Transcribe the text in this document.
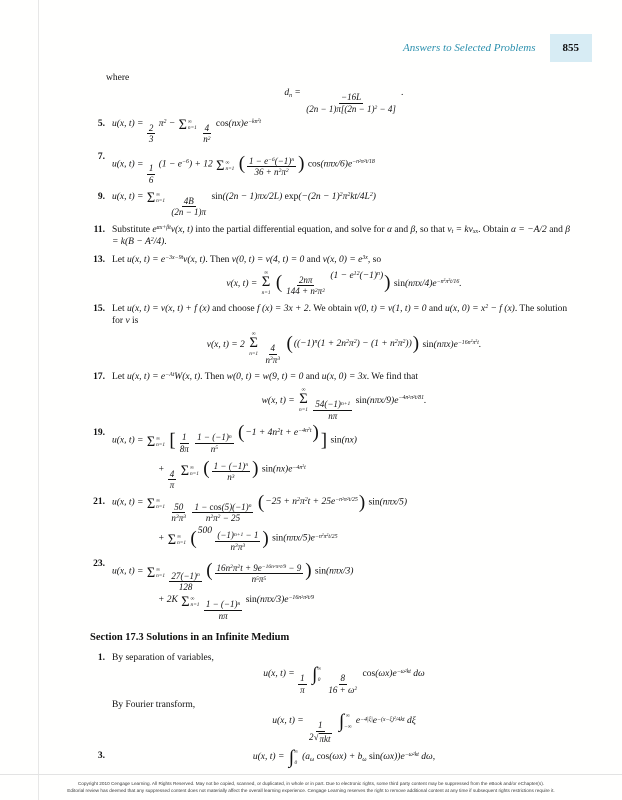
Answers to Selected Problems	855
where
$d_n = \frac{-16L}{(2n - 1)\pi[(2n - 1)^2 - 4]}$ .
5. u(x, $t) = \frac{2}{3} \pi^2 - \Sigma$ ∞
n=1
$\frac{4}{n^2} \cos(nx)e^{-kn^2t}$
7.
u(x, $t) = \frac{1}{6} (1 - e^{-6}) + 12$ Σ ∞
n=1
( $\frac{1 - e^{-6}(-1)^n}{36 + n^2\pi^2}$ ) $\cos(n\pi x/6)e^{-n^2\pi^2t/18}$
9. u(x, t) = Σ ∞
n=1
$\frac{4B}{(2n - 1)\pi} \sin((2n - 1)\pi x/2L) \exp(-(2n - 1)^2\pi^2kt/4L^2)$
11. Substitute $e^{\alpha x+\beta t}v(x$, t) into the partial differential equation, and solve for α and β, so that $v_t = kv_{xx}$. Obtain α = −A/2 and $\beta = k(B - A^2/4)$.
13. Let u(x, $t) = e^{-3x-9t}v(x$, t). Then v(0, t) = v(4, t) = 0 and v(x, $0) = e^{3x}$, so
v(x, t) =
∞
Σ
n=1
( $\frac{2n\pi}{144 + n^2\pi^2} (1 - e^{12}(-1)^n)$ ) $\sin(n\pi x/4)e^{-n^2\pi^2t/16}$.
15. Let u(x, t) = v(x, t) + f (x) and choose f (x) = 3x + 2. We obtain v(0, t) = v(1, t) = 0 and u(x, $0) = x^2 - f$ (x). The solution for v is
v(x, t) = 2
∞
Σ
n=1
$\frac{4}{n^3\pi^3}$
( $((-1)^n(1 + 2n^2\pi^2) - (1 + n^2\pi^2))$ ) $\sin(n\pi x)e^{-16n^2\pi^2t}$.
17. Let u(x, $t) = e^{-At}W(x$, t). Then w(0, t) = w(9, t) = 0 and u(x, 0) = 3x. We find that
w(x, t) =
∞
Σ
n=1
$\frac{54(-1)^{n+1}}{n\pi} \sin(n\pi x/9)e^{-4n^2\pi^2t/81}$.
19.
u(x, t) = Σ ∞
n=1
[ $\frac{1}{8\pi}$
$\frac{1 - (-1)^n}{n^5}$
( $-1 + 4n^2t + e^{-4n^2t}$ ) ] sin(nx)
+ $\frac{4}{\pi}$
Σ ∞
n=1
( $\frac{1 - (-1)^n}{n^3}$ ) $\sin(nx)e^{-4n^2t}$
21. u(x, t) = Σ ∞
n=1
$\frac{50}{n^3\pi^3}$
$\frac{1 - \cos(5)(-1)^n}{n^2\pi^2 - 25}$
( $-25 + n^2\pi^2t + 25e^{-n^2\pi^2t/25}$ ) sin(nπx/5)
+ Σ ∞
n=1
( $500 \frac{(-1)^{n+1} - 1}{n^3\pi^3}$ ) $\sin(n\pi x/5)e^{-n^2\pi^2t/25}$
23.
u(x, t) = Σ ∞
n=1
$\frac{27(-1)^n}{128}$
( $\frac{16n^2\pi^2t + 9e^{-16n^2\pi^2t/9} - 9}{n^5\pi^5}$ ) sin(nπx/3)
+ 2K Σ ∞
n=1
$\frac{1 - (-1)^n}{n\pi} \sin(n\pi x/3)e^{-16n^2\pi^2t/9}$
Section 17.3 Solutions in an Infinite Medium
1. By separation of variables,
u(x, $t) = \frac{1}{\pi}$
∫ ∞
0
$\frac{8}{16 + \omega^2} \cos(\omega x)e^{-\omega^2kt}$ dω
By Fourier transform,
u(x, t) = 1
2 √ πkt

∫ ∞
−∞
$e^{-4|\xi|}e^{-(x-\xi)^2/4kt}$ dξ
3.	u(x, t) = ∫ ∞
0
($a_\omega$ $\cos(\omega x) + b_\omega$ $\sin(\omega x))e^{-\omega^2kt}$ dω,
Copyright 2010 Cengage Learning. All Rights Reserved. May not be copied, scanned, or duplicated, in whole or in part. Due to electronic rights, some third party content may be suppressed from the eBook and/or eChapter(s).
Editorial review has deemed that any suppressed content does not materially affect the overall learning experience. Cengage Learning reserves the right to remove additional content at any time if subsequent rights restrictions require it.
